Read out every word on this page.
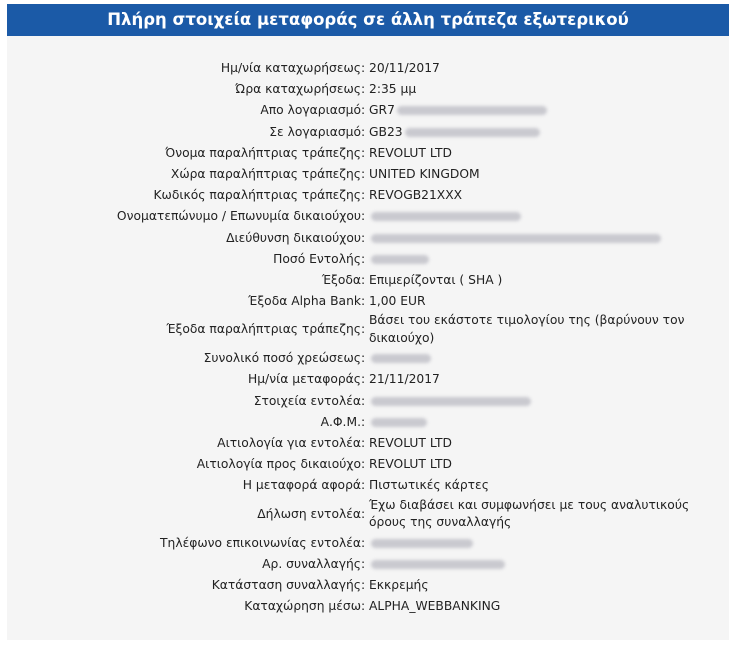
Πλήρη στοιχεία μεταφοράς σε άλλη τράπεζα εξωτερικού
Ημ/νία καταχωρήσεως : 20/11/2017
Ώρα καταχωρήσεως : 2:35 μμ
Απο λογαριασμό : GR7
Σε λογαριασμό : GB23
Όνομα παραλήπτριας τράπεζης : REVOLUT LTD
Χώρα παραλήπτριας τράπεζης : UNITED KINGDOM
Κωδικός παραλήπτριας τράπεζης : REVOGB21XXX
Ονοματεπώνυμο / Επωνυμία δικαιούχου :
Διεύθυνση δικαιούχου :
Ποσό Εντολής :
Έξοδα : Επιμερίζονται ( SHA )
Έξοδα Alpha Bank : 1,00 EUR
Έξοδα παραλήπτριας τράπεζης :
Βάσει του εκάστοτε τιμολογίου της (βαρύνουν τον δικαιούχο)
Συνολικό ποσό χρεώσεως :
Ημ/νία μεταφοράς : 21/11/2017
Στοιχεία εντολέα :
Α.Φ.Μ. :
Αιτιολογία για εντολέα : REVOLUT LTD
Αιτιολογία προς δικαιούχο : REVOLUT LTD
Η μεταφορά αφορά : Πιστωτικές κάρτες
Δήλωση εντολέα :
Έχω διαβάσει και συμφωνήσει με τους αναλυτικούς όρους της συναλλαγής
Τηλέφωνο επικοινωνίας εντολέα :
Αρ. συναλλαγής :
Κατάσταση συναλλαγής : Εκκρεμής
Καταχώρηση μέσω : ALPHA_WEBBANKING
